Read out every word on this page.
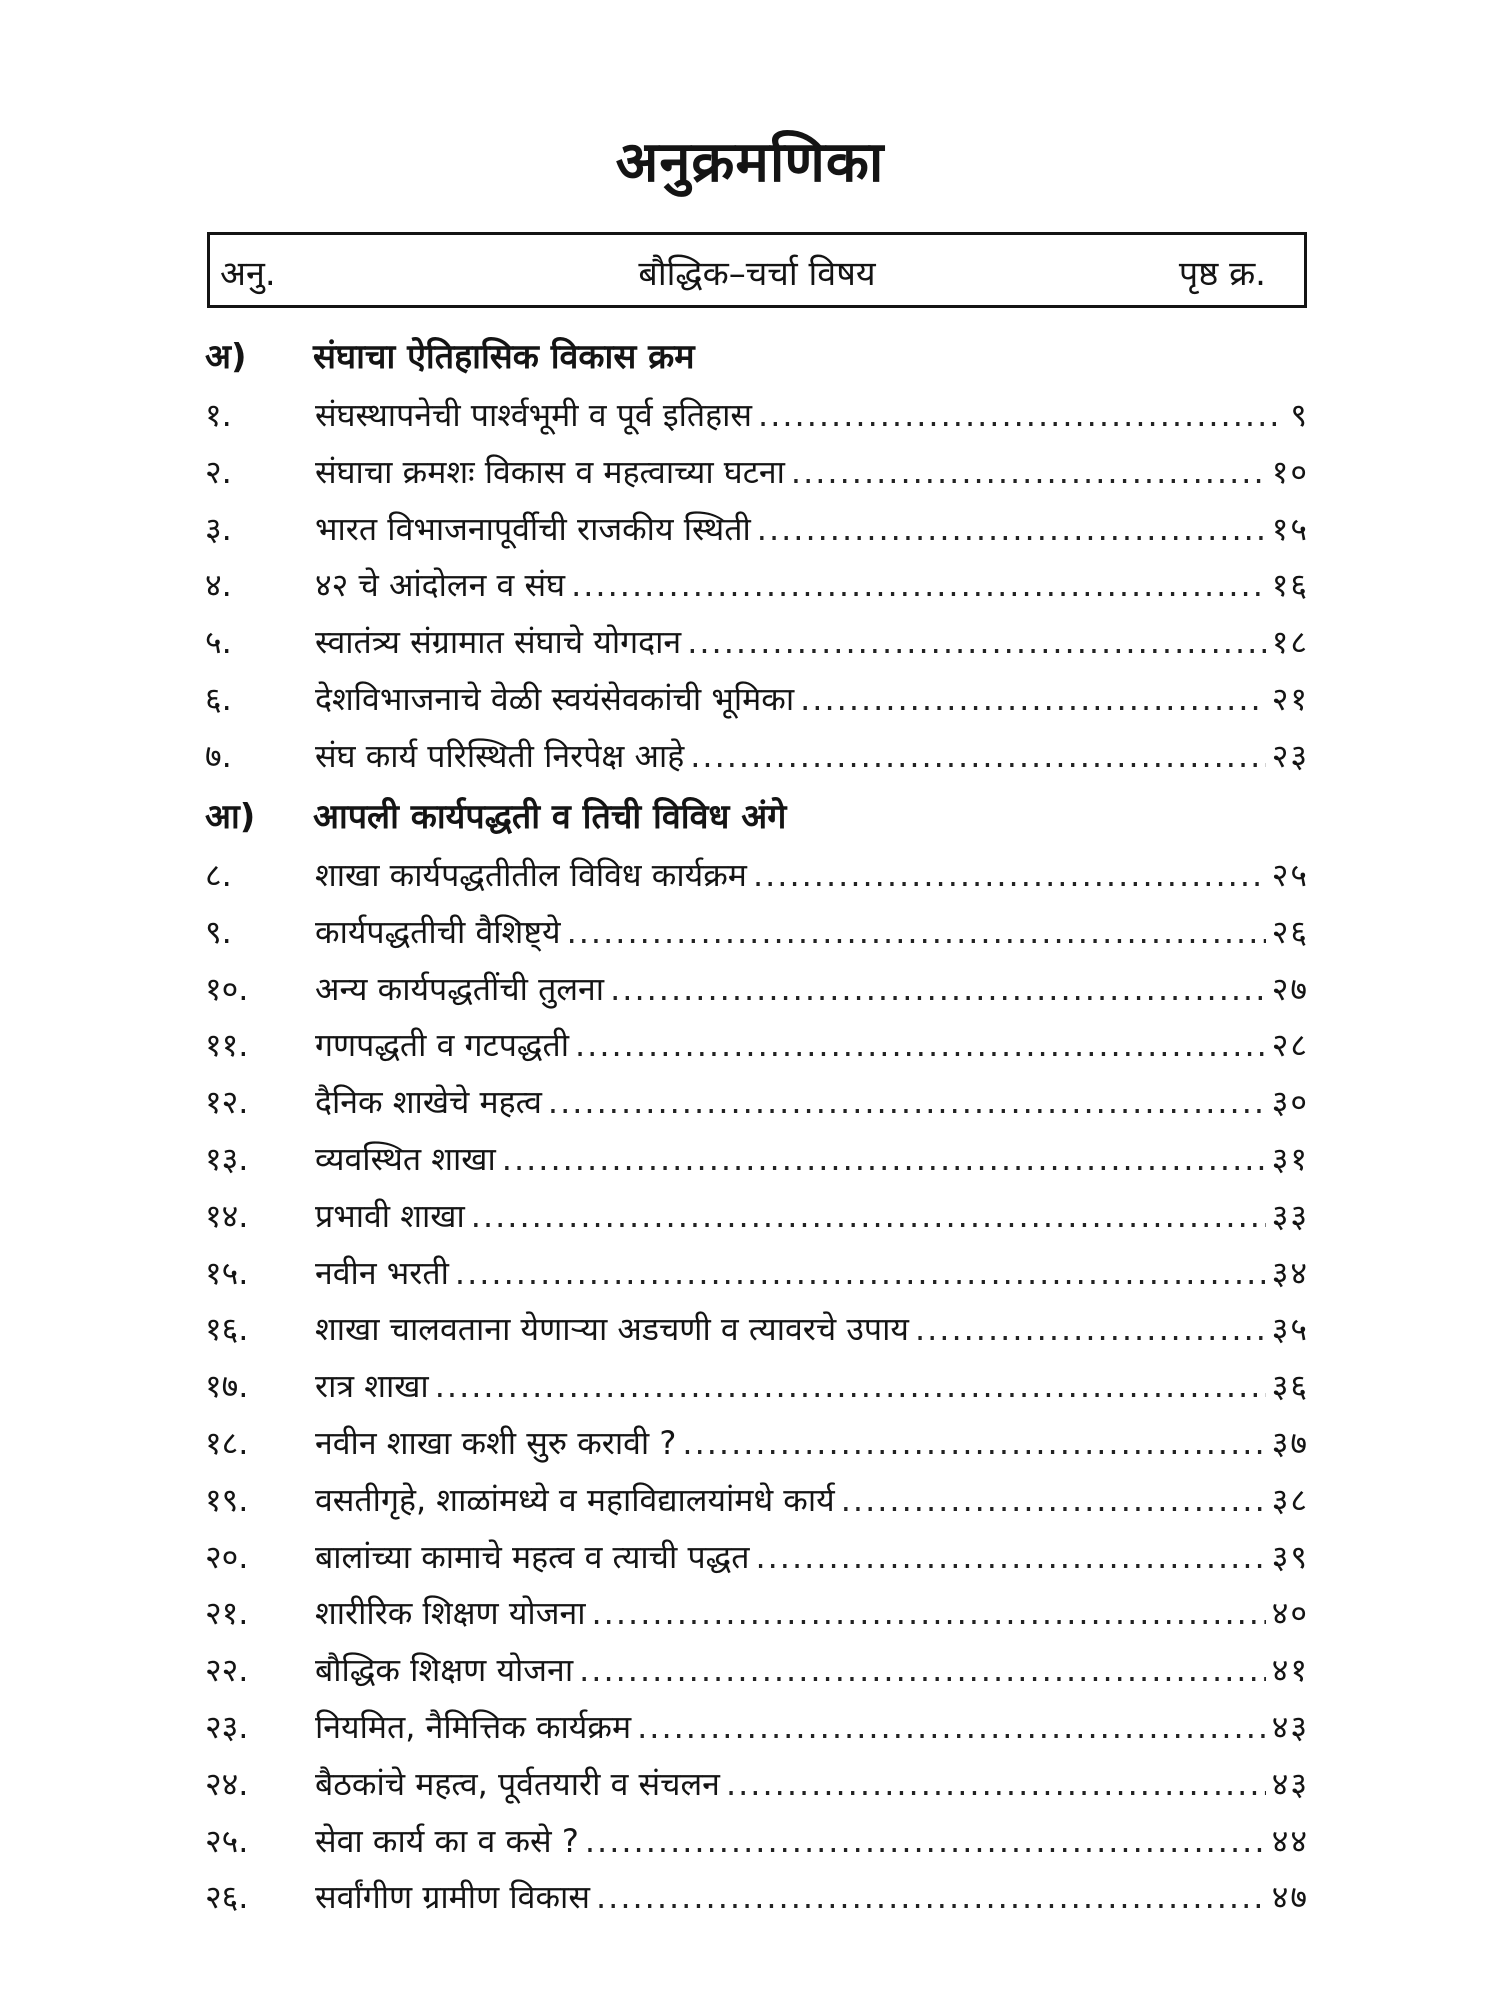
अनुक्रमणिका
अनु.	बौद्धिक–चर्चा विषय	पृष्ठ क्र.
अ) संघाचा ऐतिहासिक विकास क्रम
१.	संघस्थापनेची पार्श्वभूमी व पूर्व इतिहास .....	९
२.	संघाचा क्रमशः विकास व महत्वाच्या घटना .....	१०
३.	भारत विभाजनापूर्वीची राजकीय स्थिती .....	१५
४.	४२ चे आंदोलन व संघ .....	१६
५.	स्वातंत्र्य संग्रामात संघाचे योगदान .....	१८
६.	देशविभाजनाचे वेळी स्वयंसेवकांची भूमिका .....	२१
७.	संघ कार्य परिस्थिती निरपेक्ष आहे .....	२३
आ) आपली कार्यपद्धती व तिची विविध अंगे
८.	शाखा कार्यपद्धतीतील विविध कार्यक्रम .....	२५
९.	कार्यपद्धतीची वैशिष्ट्ये .....	२६
१०.	अन्य कार्यपद्धतींची तुलना .....	२७
११.	गणपद्धती व गटपद्धती .....	२८
१२.	दैनिक शाखेचे महत्व .....	३०
१३.	व्यवस्थित शाखा .....	३१
१४.	प्रभावी शाखा .....	३३
१५.	नवीन भरती .....	३४
१६.	शाखा चालवताना येणाऱ्या अडचणी व त्यावरचे उपाय .....	३५
१७.	रात्र शाखा .....	३६
१८.	नवीन शाखा कशी सुरु करावी ? .....	३७
१९.	वसतीगृहे, शाळांमध्ये व महाविद्यालयांमधे कार्य .....	३८
२०.	बालांच्या कामाचे महत्व व त्याची पद्धत .....	३९
२१.	शारीरिक शिक्षण योजना .....	४०
२२.	बौद्धिक शिक्षण योजना .....	४१
२३.	नियमित, नैमित्तिक कार्यक्रम .....	४३
२४.	बैठकांचे महत्व, पूर्वतयारी व संचलन .....	४३
२५.	सेवा कार्य का व कसे ? .....	४४
२६.	सर्वांगीण ग्रामीण विकास .....	४७
